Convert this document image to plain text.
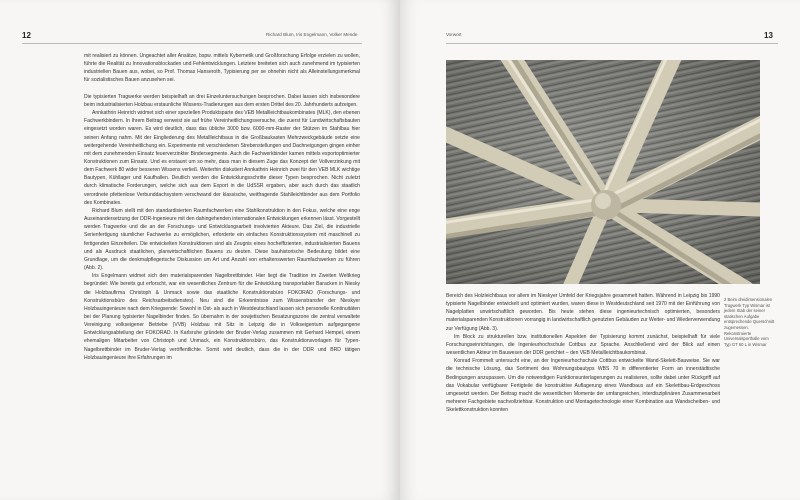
12	Richard Blum, Iris Engelmann, Volker Mende

mit realisiert zu können. Ungeachtet aller Ansätze, bspw. mittels Kybernetik und Großforschung Erfolge erzielen zu wollen, führte die Realität zu Innovationsblockaden und Fehlentwicklungen. Letztere breiteten sich auch zunehmend im typisierten industriellen Bauen aus, wobei, so Prof. Thomas Hanseroth, Typisierung per se ohnehin nicht als Alleinstellungsmerkmal für sozialistisches Bauen anzusehen sei.

Die typisierten Tragwerke werden beispielhaft an drei Einzeluntersuchungen besprochen. Dabei lassen sich insbesondere beim industrialisierten Holzbau erstaunliche Wissens-Tradierungen aus dem ersten Drittel des 20. Jahrhunderts aufzeigen.

Annkathrin Heinrich widmet sich einer speziellen Produktsparte des VEB Metallleichtbaukombinates (MLK), den ebenen Fachwerkbindern. In Ihrem Beitrag verweist sie auf frühe Vereinheitlichungsversuche, die zuerst für Landwirtschaftsbauten eingesetzt worden waren. Es wird deutlich, dass das übliche 3000 bzw. 6000-mm-Raster der Stützen im Stahlbau hier seinen Anfang nahm. Mit der Eingliederung des Metallleichtbaus in die Großbaukasten Mehrzweckgebäude setzte eine weitergehende Vereinheitlichung ein. Experimente mit verschiedenen Strebenstellungen und Dachneigungen gingen einher mit dem zunehmenden Einsatz feuerverzinkter Bindersegmente. Auch die Fachwerkbinder kamen mittels exportoptimierter Konstruktionen zum Einsatz. Und es erstaunt um so mehr, dass man in diesem Zuge das Konzept der Vollverzinkung mit dem Fachwerk 80 wider besseren Wissens verließ. Weiterhin diskutiert Annkathrin Heinrich zwei für den VEB MLK wichtige Bautypen, Kühllager und Kaufhallen. Deutlich werden die Entwicklungsschritte dieser Typen besprochen. Nicht zuletzt durch klimatische Forderungen, welche sich aus dem Export in die UdSSR ergaben, aber auch durch das staatlich verordnete pfettenlose Verbunddachsystem verschwand der klassische, weitfragende Stahlleichtbinder aus dem Portfolio des Kombinates.

Richard Blum stellt mit den standardisierten Raumfachwerken eine Stahlkonstruktion in den Fokus, welche eine enge Auseinandersetzung der DDR-Ingenieure mit den dahingehenden internationalen Entwicklungen erkennen lässt. Vorgestellt werden Tragwerke und die an der Forschungs- und Entwicklungsarbeit involvierten Akteure. Das Ziel, die industrielle Serienfertigung räumlicher Fachwerke zu ermöglichen, erforderte ein einfaches Konstruktionssystem mit maschinell zu fertigenden Einzelteilen. Die entwickelten Konstruktionen sind als Zeugnis eines hocheffizienten, industrialisierten Bauens und als Ausdruck staatlichen, planwirtschaftlichen Bauens zu deuten. Diese bauhistorische Bedeutung bildet eine Grundlage, um die denkmalpflegerische Diskussion um Art und Anzahl von erhaltenswerten Raumfachwerken zu führen (Abb. 2).

Iris Engelmann widmet sich den materialsparenden Nagelbrettbinder. Hier liegt die Tradition im Zweiten Weltkrieg begründet: Wie bereits gut erforscht, war ein wesentliches Zentrum für die Entwicklung transportabler Baracken in Niesky die Holzbaufirma Christoph & Unmack sowie das staatliche Konstruktionsbüro FOKORAD (Forschungs- und Konstruktionsbüro des Reichsarbeitsdienstes). Neu sind die Erkenntnisse zum Wissenstransfer der Nieskyer Holzbauingenieure nach dem Kriegsende: Sowohl in Ost- als auch in Westdeutschland lassen sich personelle Kontinuitäten bei der Planung typisierter Nagelbinder finden. So übernahm in der sowjetischen Besatzungszone die zentral verwaltete Vereinigung volkseigener Betriebe (VVB) Holzbau mit Sitz in Leipzig die in Volkseigentum aufgegangene Entwicklungsabteilung der FOKORAD. In Karlsruhe gründete der Bruder-Verlag zusammen mit Gerhard Hempel, einem ehemaligen Mitarbeiter von Christoph und Unmack, ein Konstruktionsbüro, das Konstruktionsvorlagen für Typen-Nagelbrettbinder im Bruder-Verlag veröffentlichte. Somit wird deutlich, dass die in der DDR und BRD tätigen Holzbauingenieure ihre Erfahrungen im

Vorwort	13

Bereich des Holzleichtbaus vor allem im Nieskyer Umfeld der Kriegsjahre gesammelt hatten. Während in Leipzig bis 1990 typisierte Nagelbinder entwickelt und optimiert wurden, waren diese in Westdeutschland seit 1970 mit der Einführung von Nagelplatten unwirtschaftlich geworden. Bis heute stehen diese ingenieurtechnisch optimierten, besonders materialsparenden Konstruktionen vorrangig in landwirtschaftlich genutzten Gebäuden zur Weiter- und Wiederverwendung zur Verfügung (Abb. 3).

Im Block zu strukturellen bzw. institutionellen Aspekten der Typisierung kommt zunächst, beispielhaft für viele Forschungseinrichtungen, die Ingenieurhochschule Cottbus zur Sprache. Anschließend wird der Blick auf einen wesentlichen Akteur im Bauwesen der DDR gerichtet – den VEB Metallleichtbaukombinat.

Konrad Frommelt untersucht eine, an der Ingenieurhochschule Cottbus entwickelte Wand-Skelett-Bauweise. Sie war die technische Lösung, das Sortiment des Wohnungsbautyps WBS 70 in differentierter Form an innerstädtische Bedingungen anzupassen. Um die notwendigen Funktionsunterlagerungen zu realisieren, sollte dabei unter Rückgriff auf das Vokabular verfügbarer Fertigteile die konstruktive Auflagerung eines Wandbaus auf ein Skelettbau-Erdgeschoss umgesetzt werden. Der Beitrag macht die wesentlichen Momente der umfangreichen, interdisziplinären Zusammenarbeit mehrerer Fachgebiete nachvollziehbar. Konstruktion und Montagetechnologie einer Kombination aus Wandscheiben- und Skelettkonstruktion konnten

2 Beim dreidimensionalen Tragwerk Typ Wismar ist jedem Stab der seiner statischen Aufgabe entsprechende Querschnitt zugemessen. Rekonstruierte Universalsporthalle vom Typ GT 60 L in Wismar
